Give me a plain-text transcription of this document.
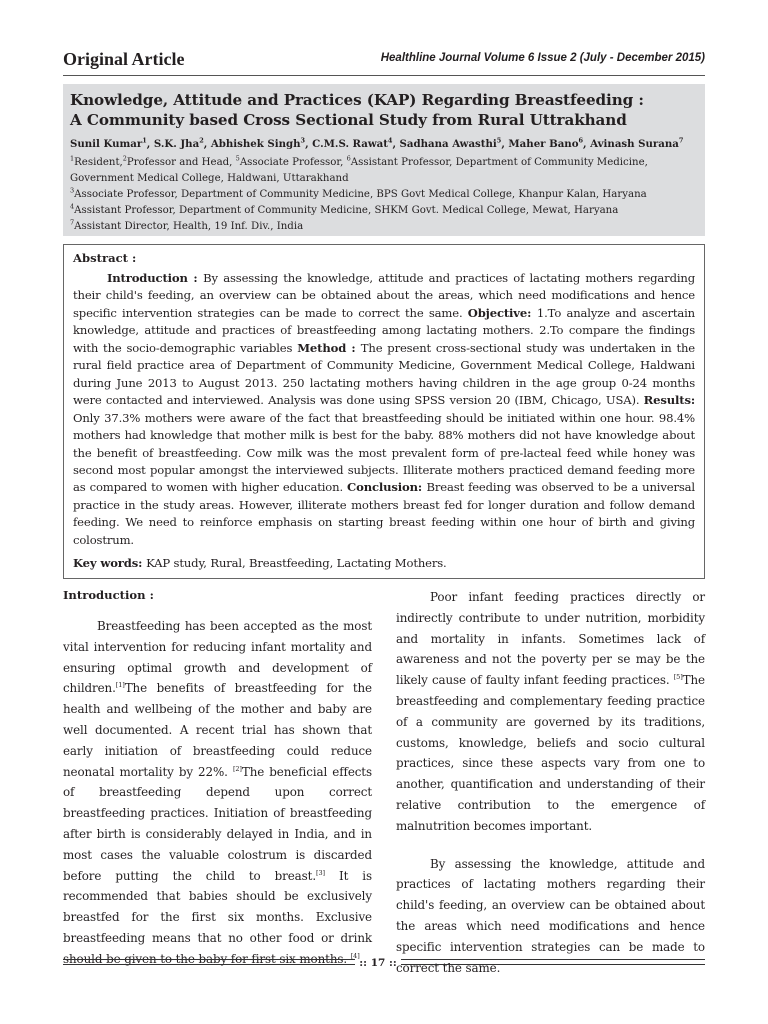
Original Article	Healthline Journal Volume 6 Issue 2 (July - December 2015)
Knowledge, Attitude and Practices (KAP) Regarding Breastfeeding :
A Community based Cross Sectional Study from Rural Uttrakhand
Sunil Kumar$^1$, S.K. Jha$^2$, Abhishek Singh$^3$, C.M.S. Rawat$^4$, Sadhana Awasthi$^5$, Maher Bano$^6$, Avinash Surana$^7$
$^1$Resident,$^2$Professor and Head, $^5$Associate Professor, $^6$Assistant Professor, Department of Community Medicine,
Government Medical College, Haldwani, Uttarakhand
$^3$Associate Professor, Department of Community Medicine, BPS Govt Medical College, Khanpur Kalan, Haryana
$^4$Assistant Professor, Department of Community Medicine, SHKM Govt. Medical College, Mewat, Haryana
$^7$Assistant Director, Health, 19 Inf. Div., India
Abstract :

Introduction : By assessing the knowledge, attitude and practices of lactating mothers regarding their child's feeding, an overview can be obtained about the areas, which need modifications and hence specific intervention strategies can be made to correct the same. Objective: 1.To analyze and ascertain knowledge, attitude and practices of breastfeeding among lactating mothers. 2.To compare the findings with the socio-demographic variables Method : The present cross-sectional study was undertaken in the rural field practice area of Department of Community Medicine, Government Medical College, Haldwani during June 2013 to August 2013. 250 lactating mothers having children in the age group 0-24 months were contacted and interviewed. Analysis was done using SPSS version 20 (IBM, Chicago, USA). Results: Only 37.3% mothers were aware of the fact that breastfeeding should be initiated within one hour. 98.4% mothers had knowledge that mother milk is best for the baby. 88% mothers did not have knowledge about the benefit of breastfeeding. Cow milk was the most prevalent form of pre-lacteal feed while honey was second most popular amongst the interviewed subjects. Illiterate mothers practiced demand feeding more as compared to women with higher education. Conclusion: Breast feeding was observed to be a universal practice in the study areas. However, illiterate mothers breast fed for longer duration and follow demand feeding. We need to reinforce emphasis on starting breast feeding within one hour of birth and giving colostrum.

Key words: KAP study, Rural, Breastfeeding, Lactating Mothers.
Introduction :

Breastfeeding has been accepted as the most vital intervention for reducing infant mortality and ensuring optimal growth and development of children.[1]The benefits of breastfeeding for the health and wellbeing of the mother and baby are well documented. A recent trial has shown that early initiation of breastfeeding could reduce neonatal mortality by 22%. [2]The beneficial effects of breastfeeding depend upon correct breastfeeding practices. Initiation of breastfeeding after birth is considerably delayed in India, and in most cases the valuable colostrum is discarded before putting the child to breast.[3] It is recommended that babies should be exclusively breastfed for the first six months. Exclusive breastfeeding means that no other food or drink should be given to the baby for first six months. [4]

Poor infant feeding practices directly or indirectly contribute to under nutrition, morbidity and mortality in infants. Sometimes lack of awareness and not the poverty per se may be the likely cause of faulty infant feeding practices. [5]The breastfeeding and complementary feeding practice of a community are governed by its traditions, customs, knowledge, beliefs and socio cultural practices, since these aspects vary from one to another, quantification and understanding of their relative contribution to the emergence of malnutrition becomes important.

By assessing the knowledge, attitude and practices of lactating mothers regarding their child's feeding, an overview can be obtained about the areas which need modifications and hence specific intervention strategies can be made to correct the same.

:: 17 ::
